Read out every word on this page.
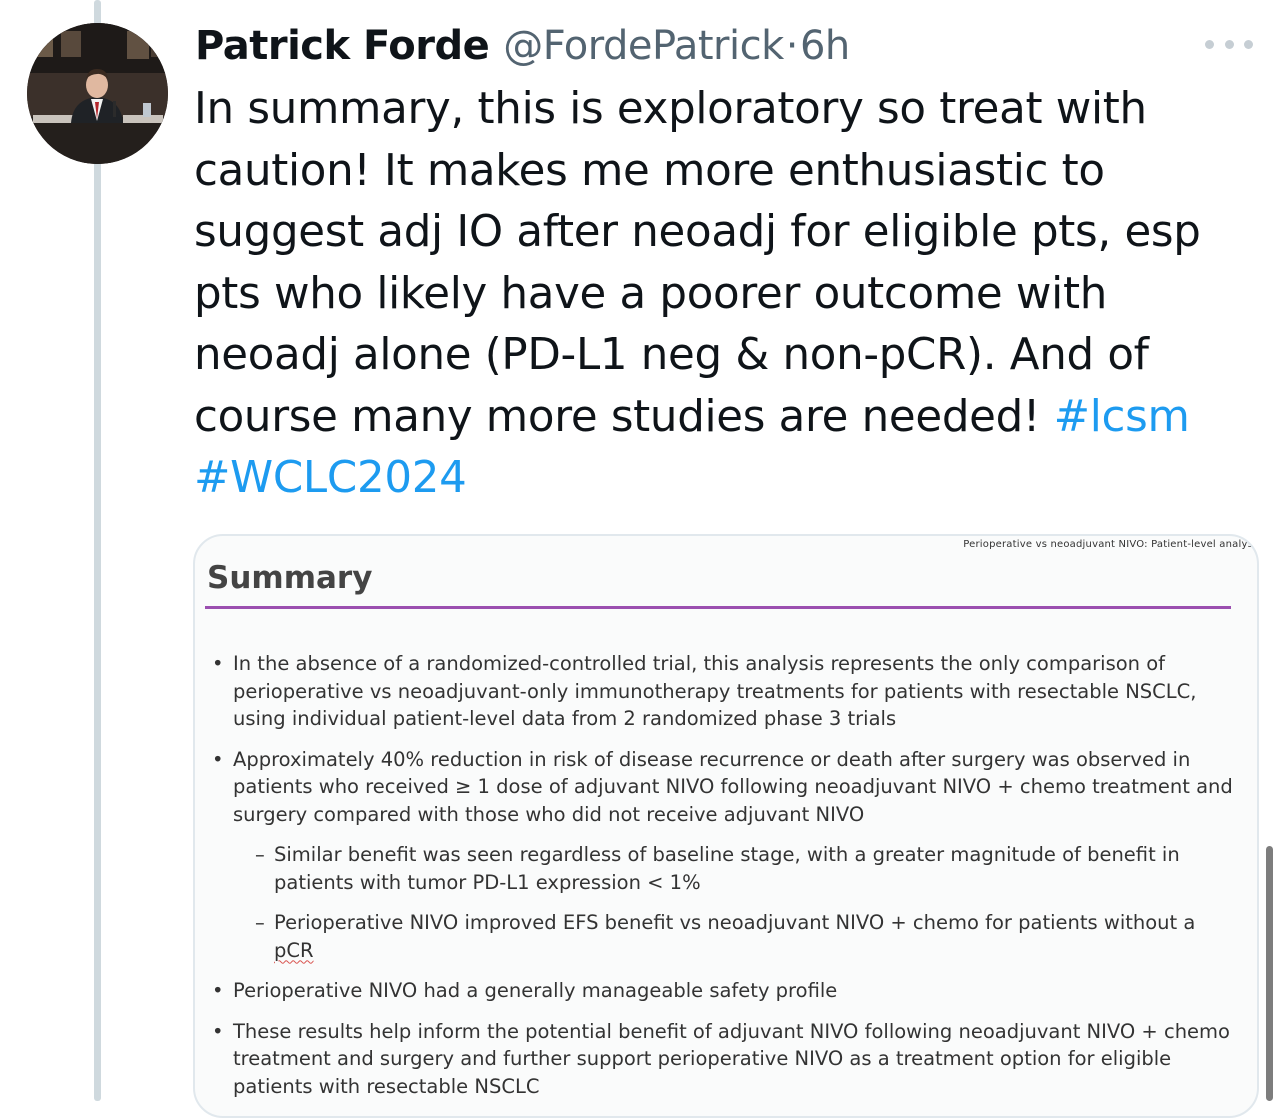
Patrick Forde @FordePatrick · 6h
In summary, this is exploratory so treat with caution! It makes me more enthusiastic to suggest adj IO after neoadj for eligible pts, esp pts who likely have a poorer outcome with neoadj alone (PD-L1 neg & non-pCR). And of course many more studies are needed! #lcsm #WCLC2024
Perioperative vs neoadjuvant NIVO: Patient-level analys
Summary
• In the absence of a randomized-controlled trial, this analysis represents the only comparison of perioperative vs neoadjuvant-only immunotherapy treatments for patients with resectable NSCLC, using individual patient-level data from 2 randomized phase 3 trials
• Approximately 40% reduction in risk of disease recurrence or death after surgery was observed in patients who received ≥ 1 dose of adjuvant NIVO following neoadjuvant NIVO + chemo treatment and surgery compared with those who did not receive adjuvant NIVO
– Similar benefit was seen regardless of baseline stage, with a greater magnitude of benefit in patients with tumor PD-L1 expression < 1%
– Perioperative NIVO improved EFS benefit vs neoadjuvant NIVO + chemo for patients without a pCR
• Perioperative NIVO had a generally manageable safety profile
• These results help inform the potential benefit of adjuvant NIVO following neoadjuvant NIVO + chemo treatment and surgery and further support perioperative NIVO as a treatment option for eligible patients with resectable NSCLC
